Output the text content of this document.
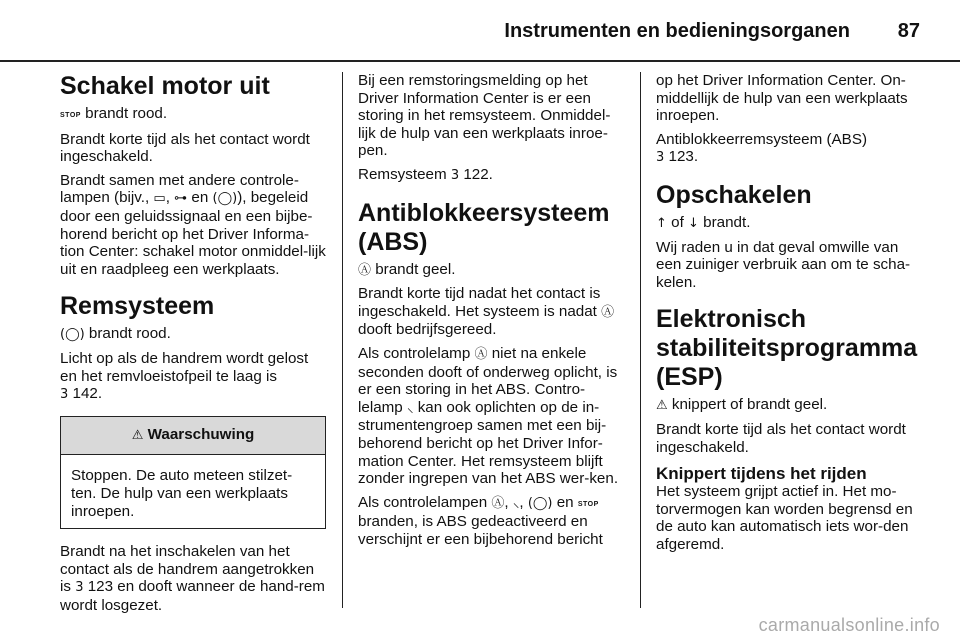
Instrumenten en bedieningsorganen 87
Schakel motor uit

STOP brandt rood.

Brandt korte tijd als het contact wordt ingeschakeld.

Brandt samen met andere controle-lampen (bijv., ▭, ⊶ en (◯)), begeleid door een geluidssignaal en een bijbe-horend bericht op het Driver Informa-tion Center: schakel motor onmiddel-lijk uit en raadpleeg een werkplaats.

Remsysteem

(◯) brandt rood.

Licht op als de handrem wordt gelost en het remvloeistofpeil te laag is
3 142.

⚠ Waarschuwing
Stoppen. De auto meteen stilzet-ten. De hulp van een werkplaats inroepen.

Brandt na het inschakelen van het contact als de handrem aangetrokken is 3 123 en dooft wanneer de hand-rem wordt losgezet.

Bij een remstoringsmelding op het Driver Information Center is er een storing in het remsysteem. Onmiddel-lijk de hulp van een werkplaats inroe-pen.

Remsysteem 3 122.

Antiblokkeersysteem (ABS)

Ⓐ brandt geel.

Brandt korte tijd nadat het contact is ingeschakeld. Het systeem is nadat Ⓐ dooft bedrijfsgereed.

Als controlelamp Ⓐ niet na enkele seconden dooft of onderweg oplicht, is er een storing in het ABS. Contro-lelamp ⸜ kan ook oplichten op de in-strumentengroep samen met een bij-behorend bericht op het Driver Infor-mation Center. Het remsysteem blijft zonder ingrepen van het ABS wer-ken.

Als controlelampen Ⓐ, ⸜, (◯) en STOP branden, is ABS gedeactiveerd en verschijnt er een bijbehorend bericht

op het Driver Information Center. On-middellijk de hulp van een werkplaats inroepen.

Antiblokkeerremsysteem (ABS)
3 123.

Opschakelen

↑ of ↓ brandt.

Wij raden u in dat geval omwille van een zuiniger verbruik aan om te scha-kelen.

Elektronisch stabiliteitsprogramma (ESP)

⚠ knippert of brandt geel.

Brandt korte tijd als het contact wordt ingeschakeld.

Knippert tijdens het rijden

Het systeem grijpt actief in. Het mo-torvermogen kan worden begrensd en de auto kan automatisch iets wor-den afgeremd.

carmanualsonline.info
